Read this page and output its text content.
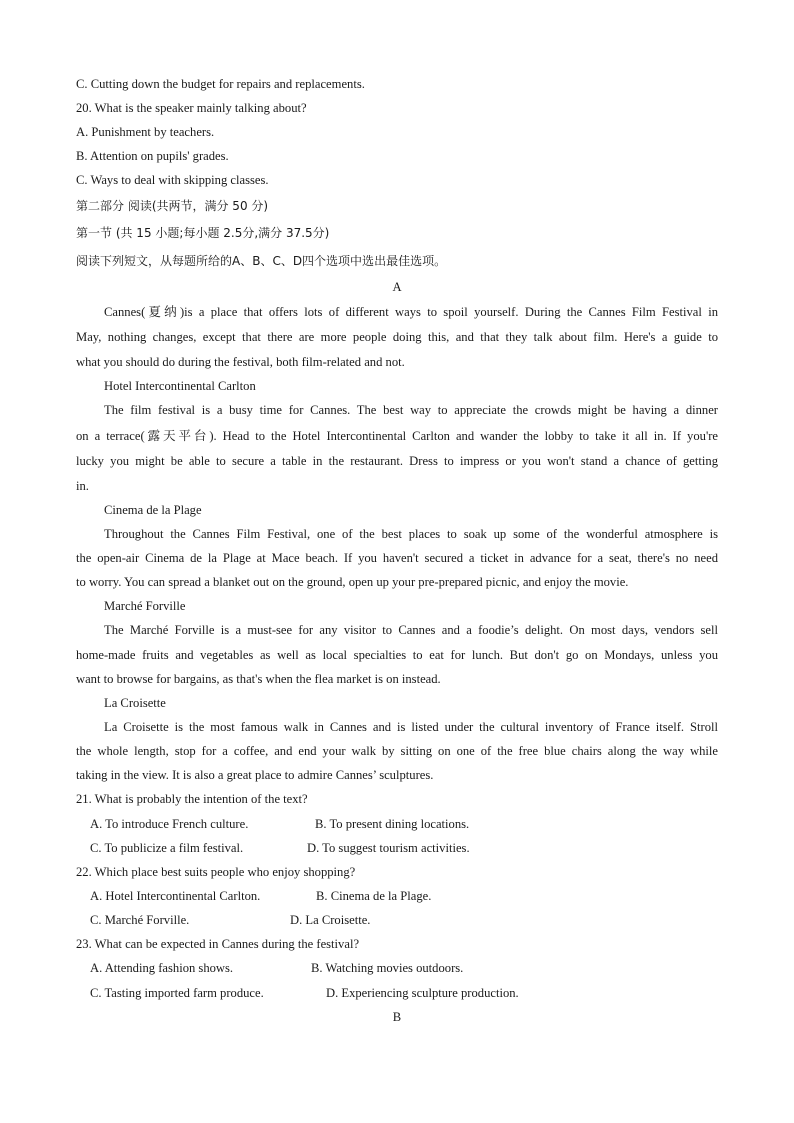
C. Cutting down the budget for repairs and replacements.
20. What is the speaker mainly talking about?
A. Punishment by teachers.
B. Attention on pupils' grades.
C. Ways to deal with skipping classes.
第二部分 阅读(共两节，满分 50 分)
第一节 (共 15 小题;每小题 2.5分,满分 37.5分)
阅读下列短文，从每题所给的A、B、C、D四个选项中选出最佳选项。
A
Cannes(夏纳)is a place that offers lots of different ways to spoil yourself. During the Cannes Film Festival in
May, nothing changes, except that there are more people doing this, and that they talk about film. Here's a guide to
what you should do during the festival, both film-related and not.
Hotel Intercontinental Carlton
The film festival is a busy time for Cannes. The best way to appreciate the crowds might be having a dinner
on a terrace(露天平台). Head to the Hotel Intercontinental Carlton and wander the lobby to take it all in. If you're
lucky you might be able to secure a table in the restaurant. Dress to impress or you won't stand a chance of getting
in.
Cinema de la Plage
Throughout the Cannes Film Festival, one of the best places to soak up some of the wonderful atmosphere is
the open-air Cinema de la Plage at Mace beach. If you haven't secured a ticket in advance for a seat, there's no need
to worry. You can spread a blanket out on the ground, open up your pre-prepared picnic, and enjoy the movie.
Marché Forville
The Marché Forville is a must-see for any visitor to Cannes and a foodie’s delight. On most days, vendors sell
home-made fruits and vegetables as well as local specialties to eat for lunch. But don't go on Mondays, unless you
want to browse for bargains, as that's when the flea market is on instead.
La Croisette
La Croisette is the most famous walk in Cannes and is listed under the cultural inventory of France itself. Stroll
the whole length, stop for a coffee, and end your walk by sitting on one of the free blue chairs along the way while
taking in the view. It is also a great place to admire Cannes’ sculptures.
21. What is probably the intention of the text?
A. To introduce French culture.	B. To present dining locations.
C. To publicize a film festival.	D. To suggest tourism activities.
22. Which place best suits people who enjoy shopping?
A. Hotel Intercontinental Carlton.	B. Cinema de la Plage.
C. Marché Forville.	D. La Croisette.
23. What can be expected in Cannes during the festival?
A. Attending fashion shows.	B. Watching movies outdoors.
C. Tasting imported farm produce.	D. Experiencing sculpture production.
B
